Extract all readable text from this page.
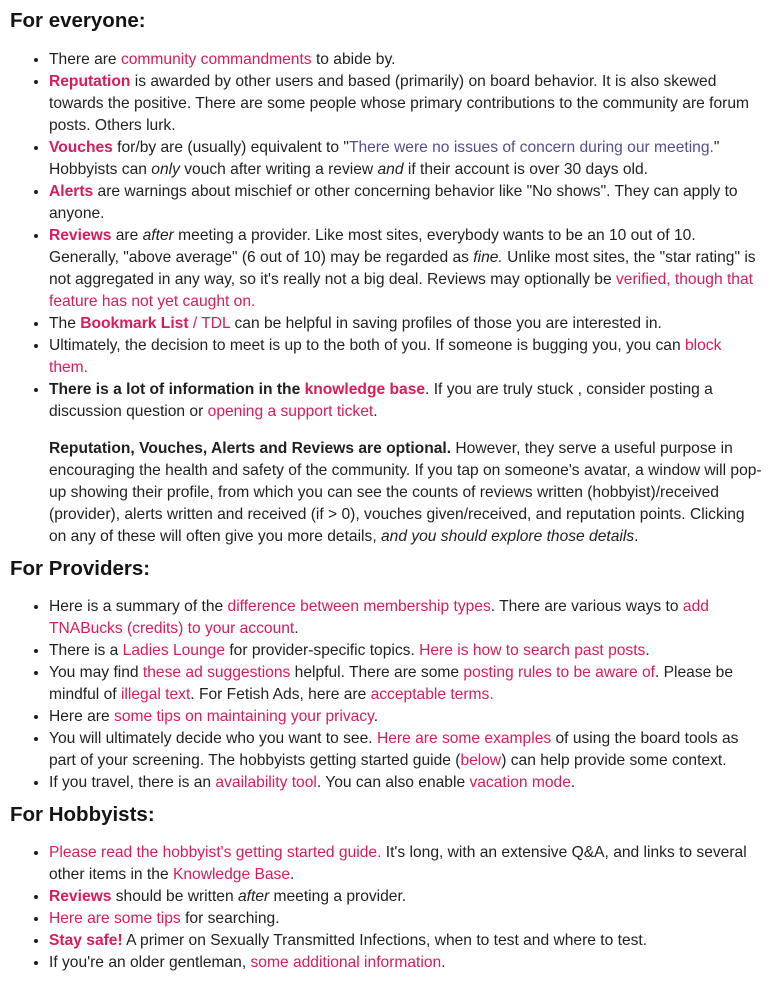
For everyone:
• There are community commandments to abide by.
• Reputation is awarded by other users and based (primarily) on board behavior. It is also skewed towards the positive. There are some people whose primary contributions to the community are forum posts. Others lurk.
• Vouches for/by are (usually) equivalent to "There were no issues of concern during our meeting." Hobbyists can only vouch after writing a review and if their account is over 30 days old.
• Alerts are warnings about mischief or other concerning behavior like "No shows". They can apply to anyone.
• Reviews are after meeting a provider. Like most sites, everybody wants to be an 10 out of 10. Generally, "above average" (6 out of 10) may be regarded as fine. Unlike most sites, the "star rating" is not aggregated in any way, so it's really not a big deal. Reviews may optionally be verified, though that feature has not yet caught on.
• The Bookmark List / TDL can be helpful in saving profiles of those you are interested in.
• Ultimately, the decision to meet is up to the both of you. If someone is bugging you, you can block them.
• There is a lot of information in the knowledge base. If you are truly stuck , consider posting a discussion question or opening a support ticket.

Reputation, Vouches, Alerts and Reviews are optional. However, they serve a useful purpose in encouraging the health and safety of the community. If you tap on someone's avatar, a window will pop-up showing their profile, from which you can see the counts of reviews written (hobbyist)/received (provider), alerts written and received (if > 0), vouches given/received, and reputation points. Clicking on any of these will often give you more details, and you should explore those details.

For Providers:
• Here is a summary of the difference between membership types. There are various ways to add TNABucks (credits) to your account.
• There is a Ladies Lounge for provider-specific topics. Here is how to search past posts.
• You may find these ad suggestions helpful. There are some posting rules to be aware of. Please be mindful of illegal text. For Fetish Ads, here are acceptable terms.
• Here are some tips on maintaining your privacy.
• You will ultimately decide who you want to see. Here are some examples of using the board tools as part of your screening. The hobbyists getting started guide (below) can help provide some context.
• If you travel, there is an availability tool. You can also enable vacation mode.
For Hobbyists:
• Please read the hobbyist's getting started guide. It's long, with an extensive Q&A, and links to several other items in the Knowledge Base.
• Reviews should be written after meeting a provider.
• Here are some tips for searching.
• Stay safe! A primer on Sexually Transmitted Infections, when to test and where to test.
• If you're an older gentleman, some additional information.
